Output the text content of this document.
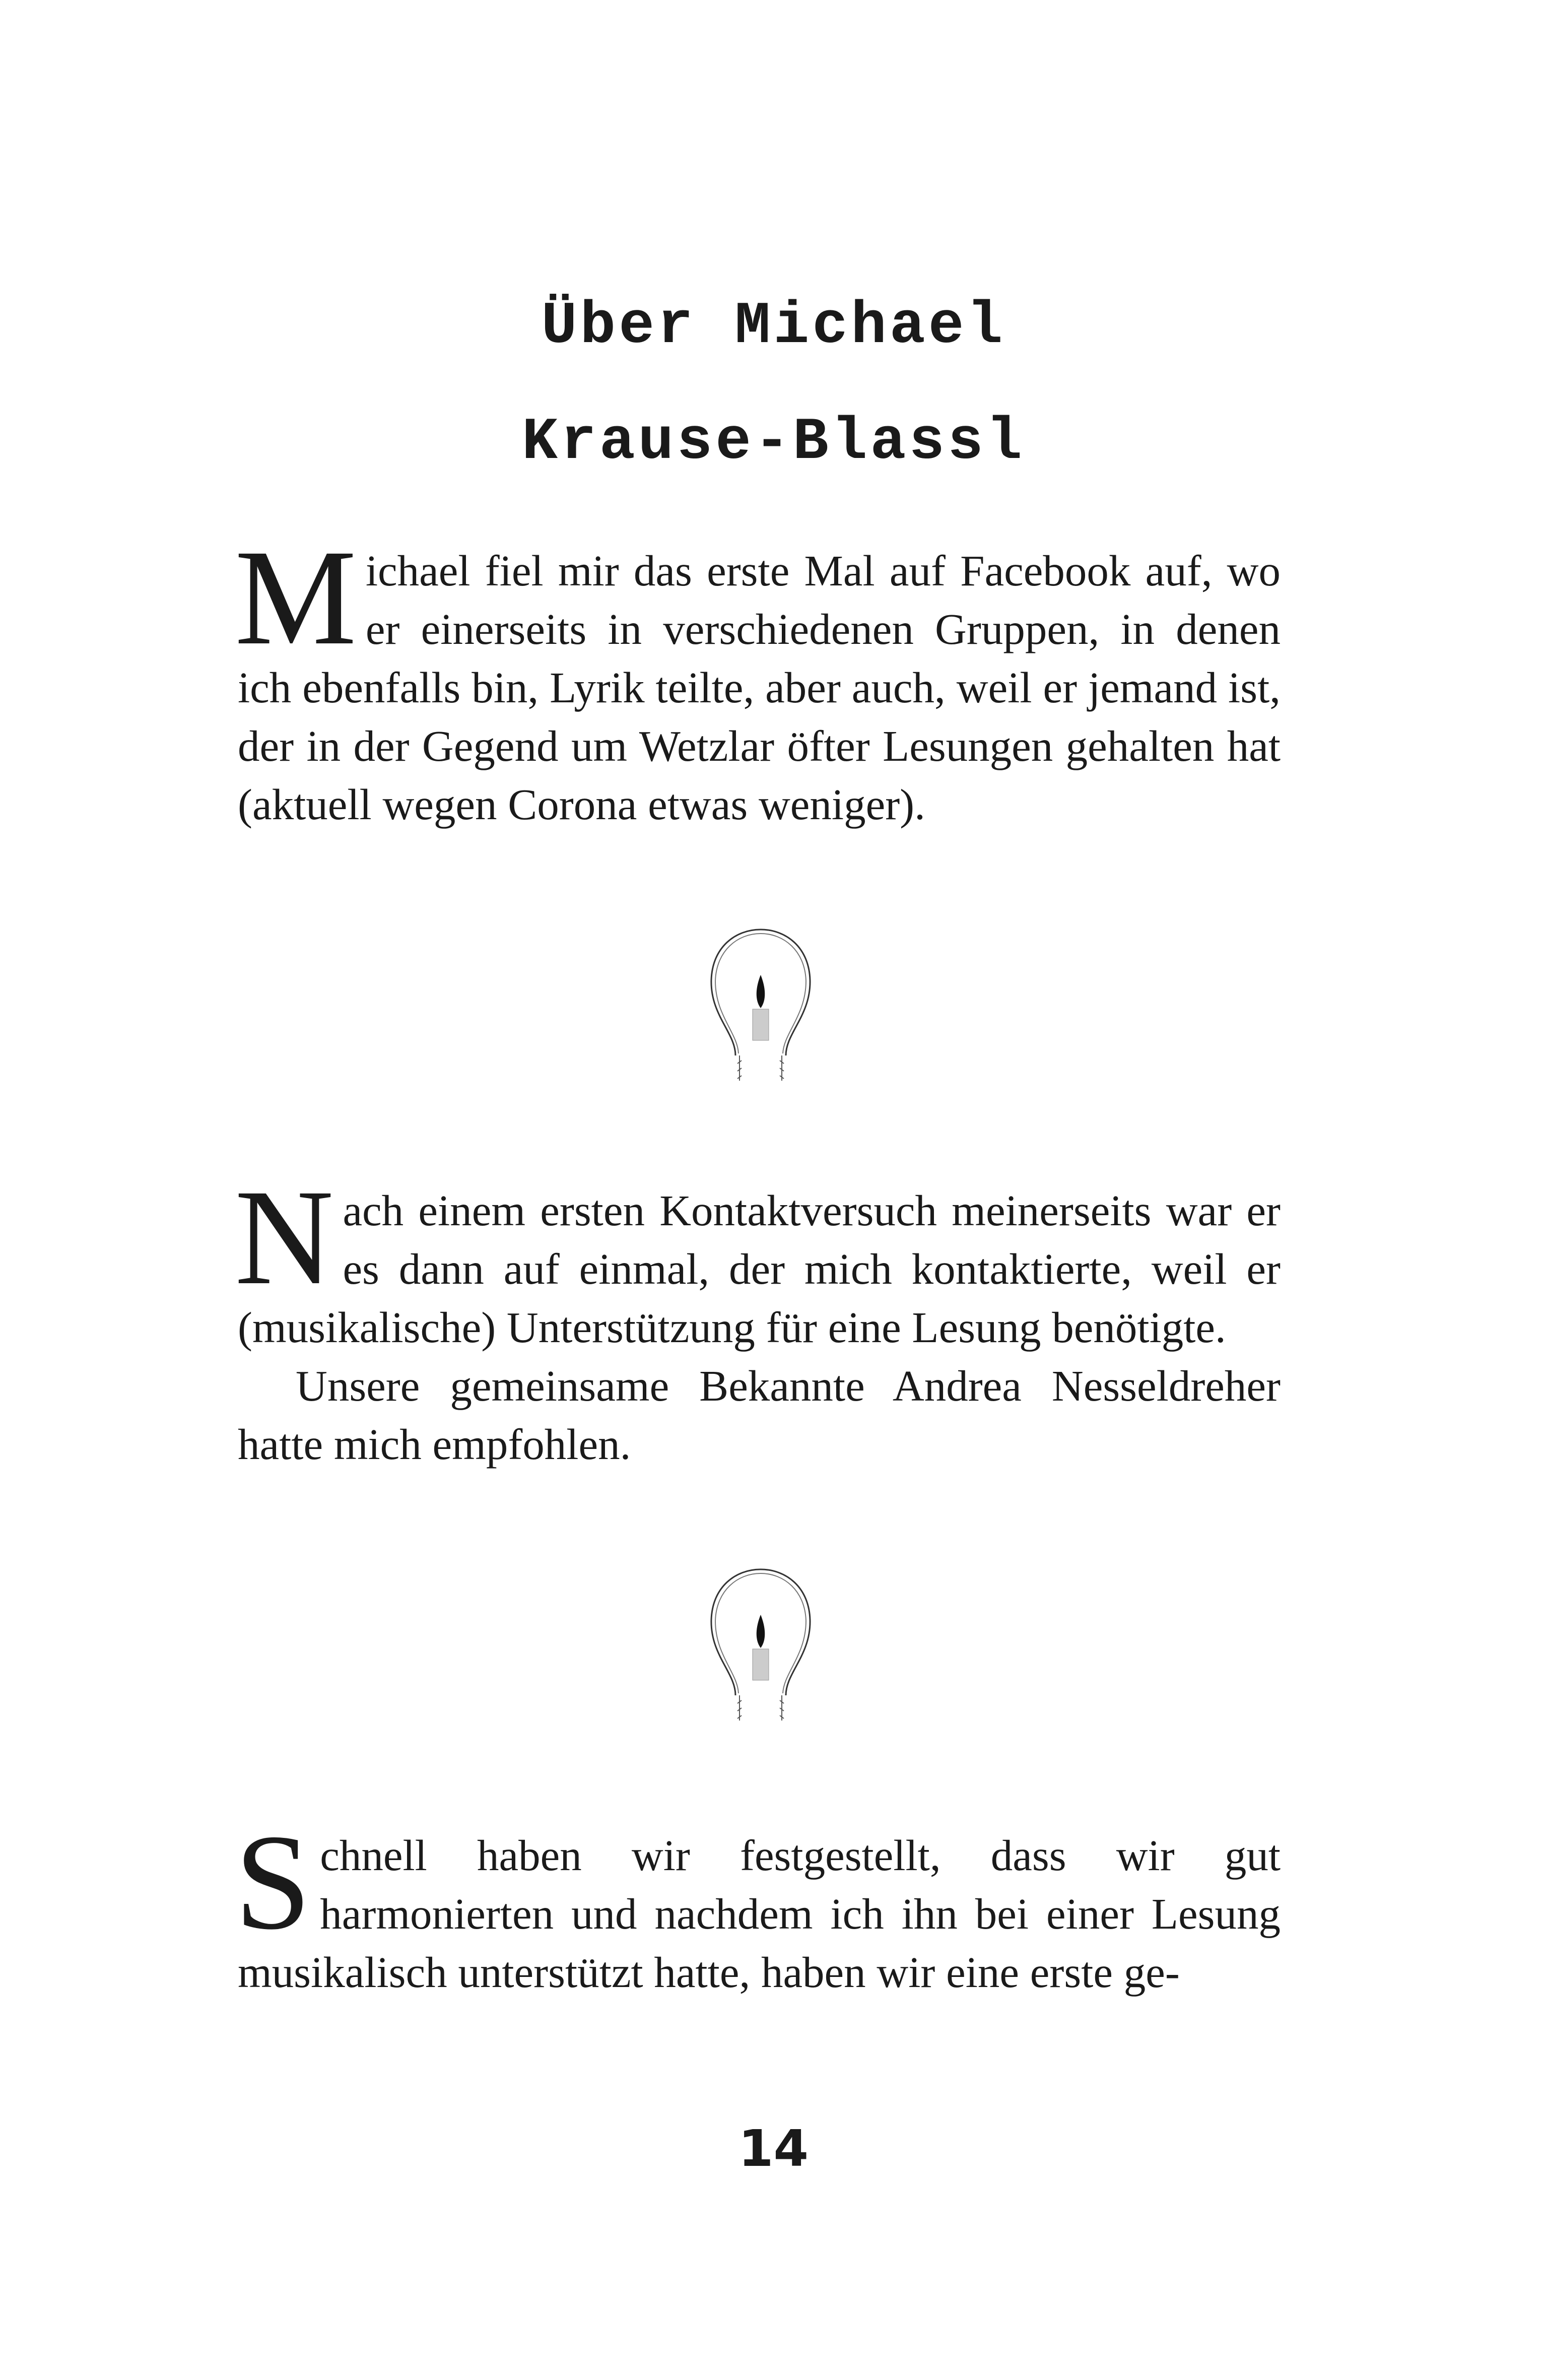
Über Michael
Krause-Blassl

Michael fiel mir das erste Mal auf Facebook auf, wo er einerseits in verschiedenen Gruppen, in denen ich ebenfalls bin, Lyrik teilte, aber auch, weil er jemand ist, der in der Gegend um Wetzlar öfter Lesungen gehalten hat (aktuell wegen Corona etwas weniger).

Nach einem ersten Kontaktversuch meinerseits war er es dann auf einmal, der mich kontaktierte, weil er (musikalische) Unterstützung für eine Lesung benötigte.

Unsere gemeinsame Bekannte Andrea Nesseldreher hatte mich empfohlen.

Schnell haben wir festgestellt, dass wir gut harmonierten und nachdem ich ihn bei einer Lesung musikalisch unterstützt hatte, haben wir eine erste ge-

14
